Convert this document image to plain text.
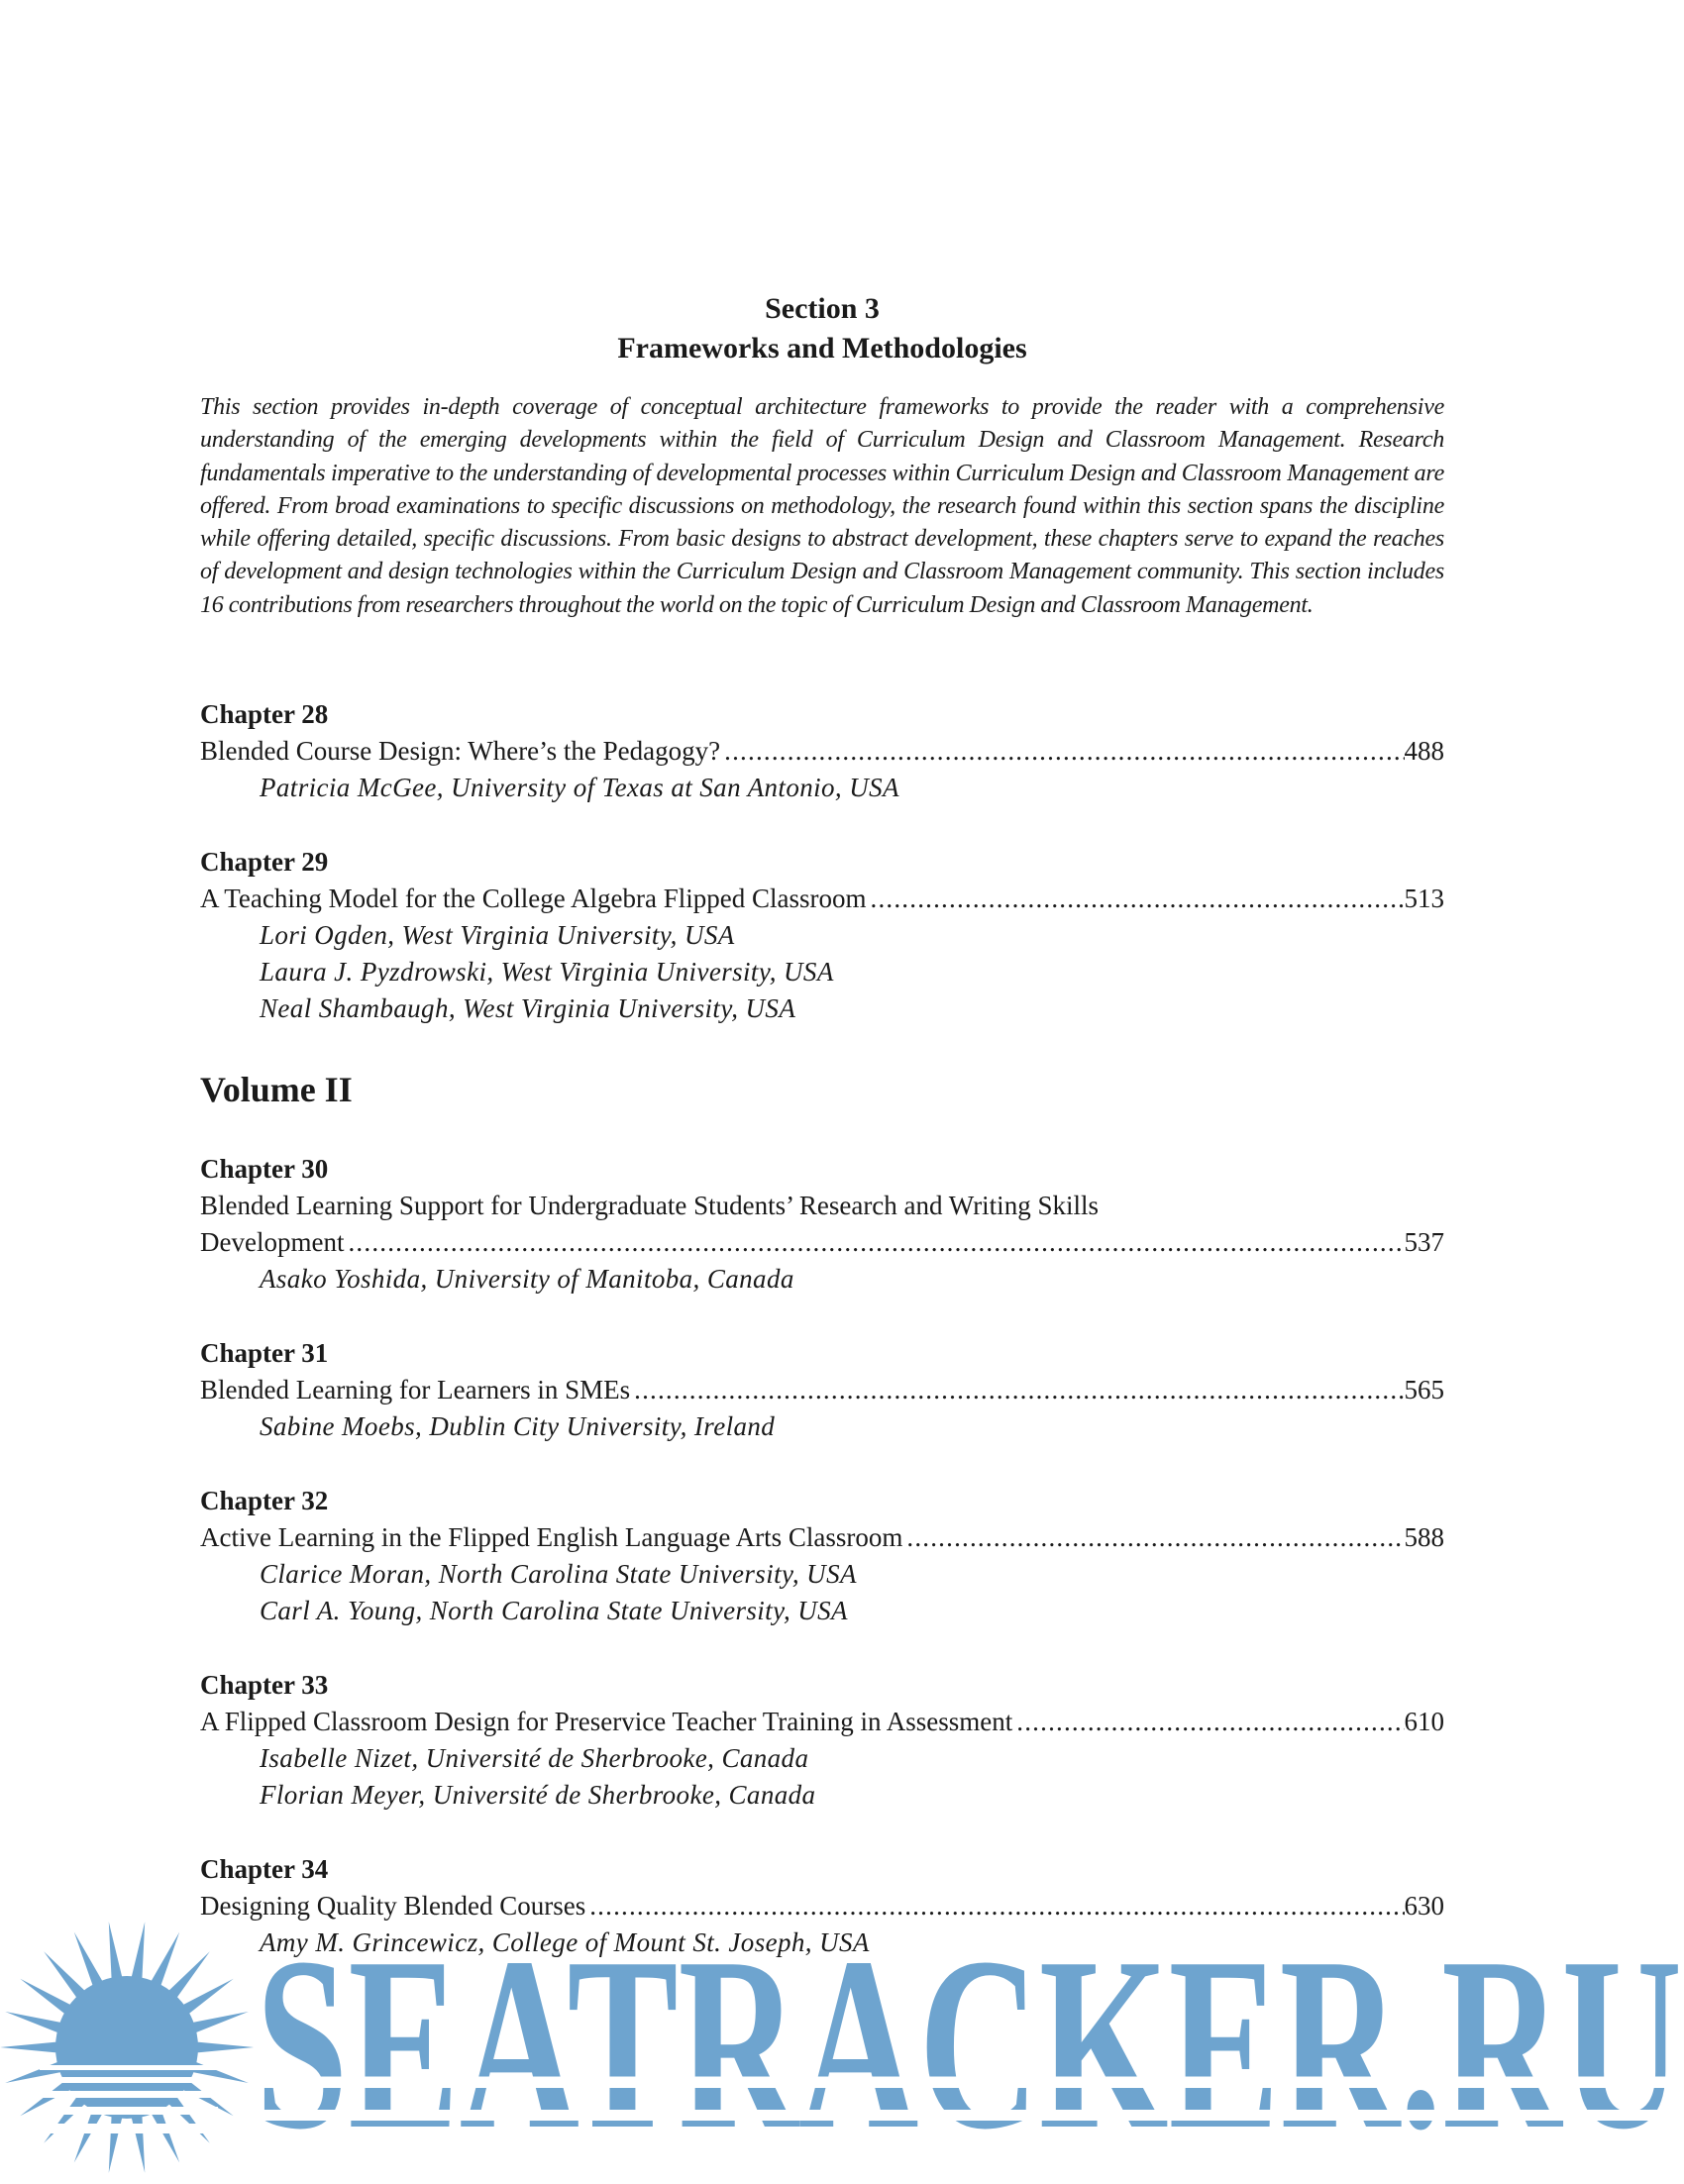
Section 3
Frameworks and Methodologies
This section provides in-depth coverage of conceptual architecture frameworks to provide the reader with a comprehensive understanding of the emerging developments within the field of Curriculum Design and Classroom Management. Research fundamentals imperative to the understanding of developmental processes within Curriculum Design and Classroom Management are offered. From broad examinations to specific discussions on methodology, the research found within this section spans the discipline while offering detailed, specific discussions. From basic designs to abstract development, these chapters serve to expand the reaches of development and design technologies within the Curriculum Design and Classroom Management community. This section includes 16 contributions from researchers throughout the world on the topic of Curriculum Design and Classroom Management.
Chapter 28
Blended Course Design: Where’s the Pedagogy? .....	488
Patricia McGee, University of Texas at San Antonio, USA
Chapter 29
A Teaching Model for the College Algebra Flipped Classroom .....	513
Lori Ogden, West Virginia University, USA
Laura J. Pyzdrowski, West Virginia University, USA
Neal Shambaugh, West Virginia University, USA
Volume II
Chapter 30
Blended Learning Support for Undergraduate Students’ Research and Writing Skills
Development .....	537
Asako Yoshida, University of Manitoba, Canada
Chapter 31
Blended Learning for Learners in SMEs .....	565
Sabine Moebs, Dublin City University, Ireland
Chapter 32
Active Learning in the Flipped English Language Arts Classroom .....	588
Clarice Moran, North Carolina State University, USA
Carl A. Young, North Carolina State University, USA
Chapter 33
A Flipped Classroom Design for Preservice Teacher Training in Assessment .....	610
Isabelle Nizet, Université de Sherbrooke, Canada
Florian Meyer, Université de Sherbrooke, Canada
Chapter 34
Designing Quality Blended Courses .....	630
Amy M. Grincewicz, College of Mount St. Joseph, USA
SEATRACKER.RU
